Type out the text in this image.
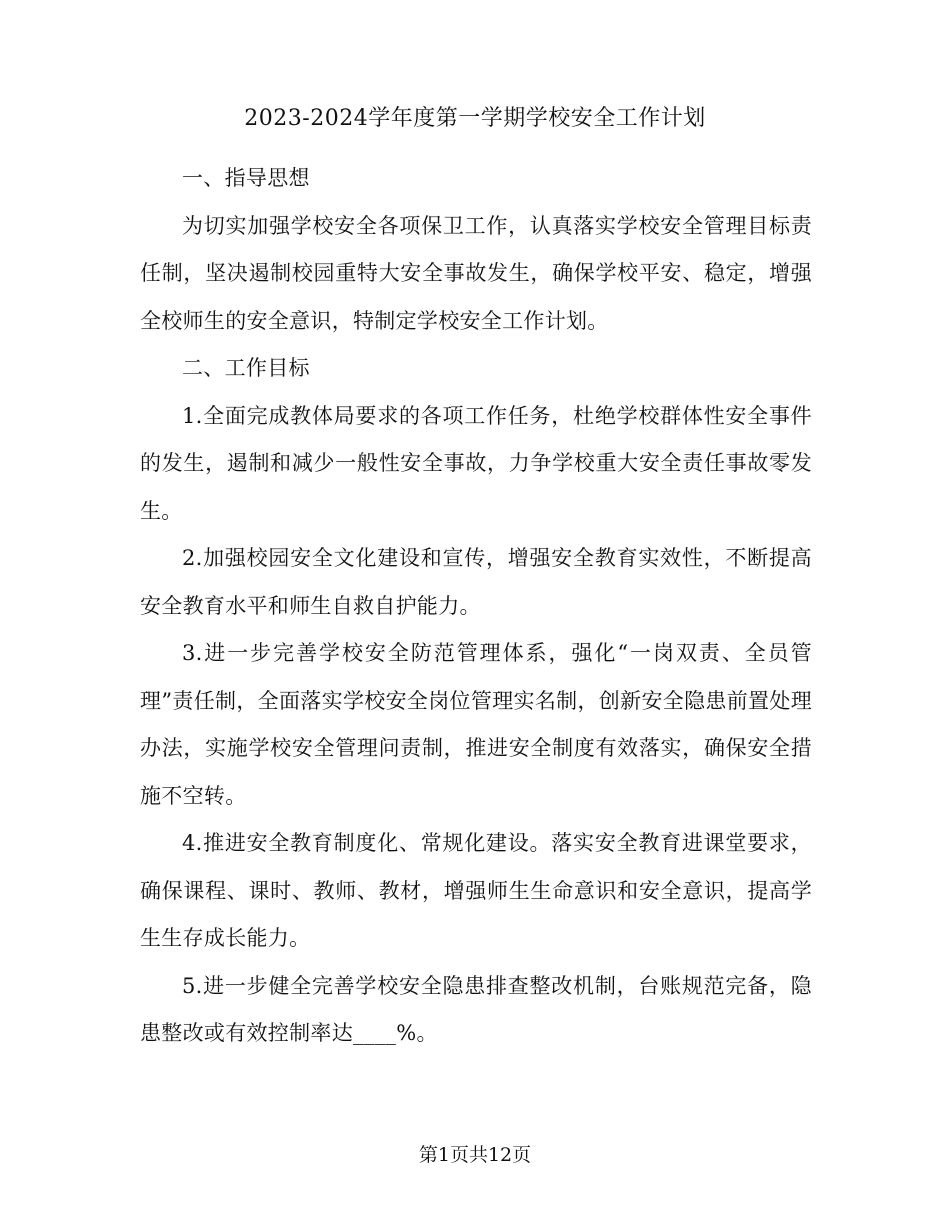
2023-2024学年度第一学期学校安全工作计划

一、指导思想

为切实加强学校安全各项保卫工作，认真落实学校安全管理目标责任制，坚决遏制校园重特大安全事故发生，确保学校平安、稳定，增强全校师生的安全意识，特制定学校安全工作计划。

二、工作目标

1.全面完成教体局要求的各项工作任务，杜绝学校群体性安全事件的发生，遏制和减少一般性安全事故，力争学校重大安全责任事故零发生。

2.加强校园安全文化建设和宣传，增强安全教育实效性，不断提高安全教育水平和师生自救自护能力。

3.进一步完善学校安全防范管理体系，强化“一岗双责、全员管理”责任制，全面落实学校安全岗位管理实名制，创新安全隐患前置处理办法，实施学校安全管理问责制，推进安全制度有效落实，确保安全措施不空转。

4.推进安全教育制度化、常规化建设。落实安全教育进课堂要求，确保课程、课时、教师、教材，增强师生生命意识和安全意识，提高学生生存成长能力。

5.进一步健全完善学校安全隐患排查整改机制，台账规范完备，隐患整改或有效控制率达____%。

第1页共12页
